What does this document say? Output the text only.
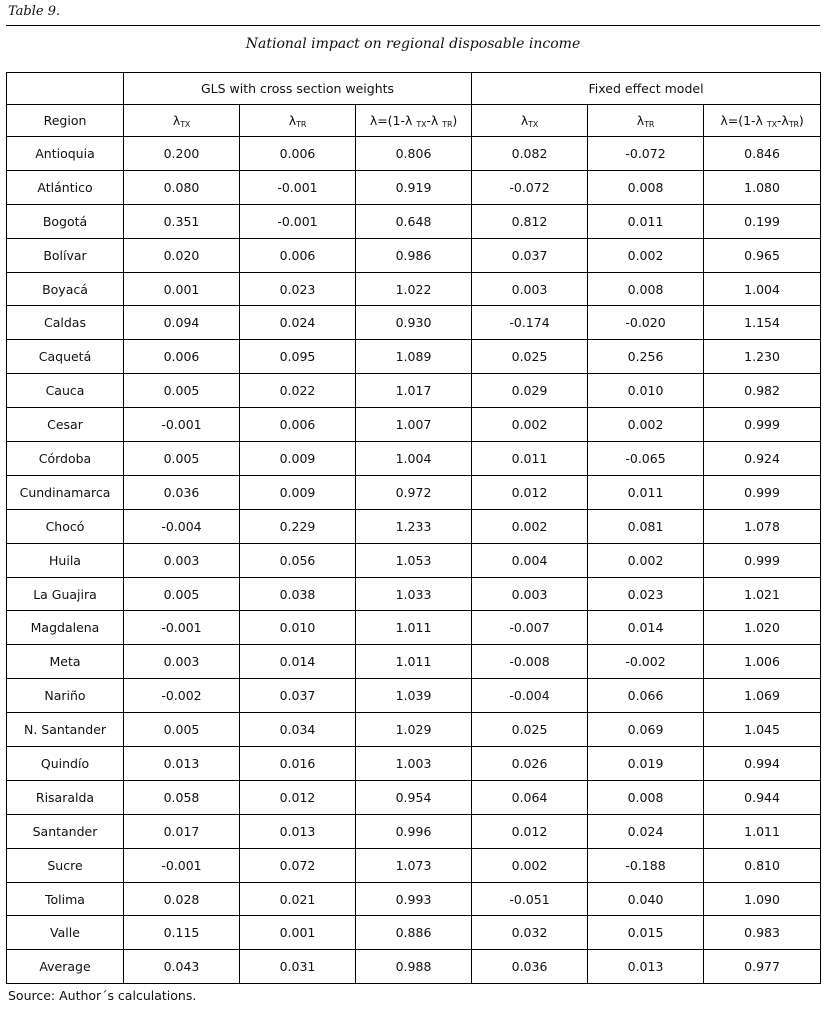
Table 9.
National impact on regional disposable income
	GLS with cross section weights			Fixed effect model		
Region	$\lambda_{TX}$	$\lambda_{TR}$	λ=(1-λ $_{TX}$-λ $_{TR}$)	$\lambda_{TX}$	$\lambda_{TR}$	λ=(1-λ $_{TX}-\lambda_{TR}$)
Antioquia	0.200	0.006	0.806	0.082	-0.072	0.846
Atlántico	0.080	-0.001	0.919	-0.072	0.008	1.080
Bogotá	0.351	-0.001	0.648	0.812	0.011	0.199
Bolívar	0.020	0.006	0.986	0.037	0.002	0.965
Boyacá	0.001	0.023	1.022	0.003	0.008	1.004
Caldas	0.094	0.024	0.930	-0.174	-0.020	1.154
Caquetá	0.006	0.095	1.089	0.025	0.256	1.230
Cauca	0.005	0.022	1.017	0.029	0.010	0.982
Cesar	-0.001	0.006	1.007	0.002	0.002	0.999
Córdoba	0.005	0.009	1.004	0.011	-0.065	0.924
Cundinamarca	0.036	0.009	0.972	0.012	0.011	0.999
Chocó	-0.004	0.229	1.233	0.002	0.081	1.078
Huila	0.003	0.056	1.053	0.004	0.002	0.999
La Guajira	0.005	0.038	1.033	0.003	0.023	1.021
Magdalena	-0.001	0.010	1.011	-0.007	0.014	1.020
Meta	0.003	0.014	1.011	-0.008	-0.002	1.006
Nariño	-0.002	0.037	1.039	-0.004	0.066	1.069
N. Santander	0.005	0.034	1.029	0.025	0.069	1.045
Quindío	0.013	0.016	1.003	0.026	0.019	0.994
Risaralda	0.058	0.012	0.954	0.064	0.008	0.944
Santander	0.017	0.013	0.996	0.012	0.024	1.011
Sucre	-0.001	0.072	1.073	0.002	-0.188	0.810
Tolima	0.028	0.021	0.993	-0.051	0.040	1.090
Valle	0.115	0.001	0.886	0.032	0.015	0.983
Average	0.043	0.031	0.988	0.036	0.013	0.977
Source: Author´s calculations.
